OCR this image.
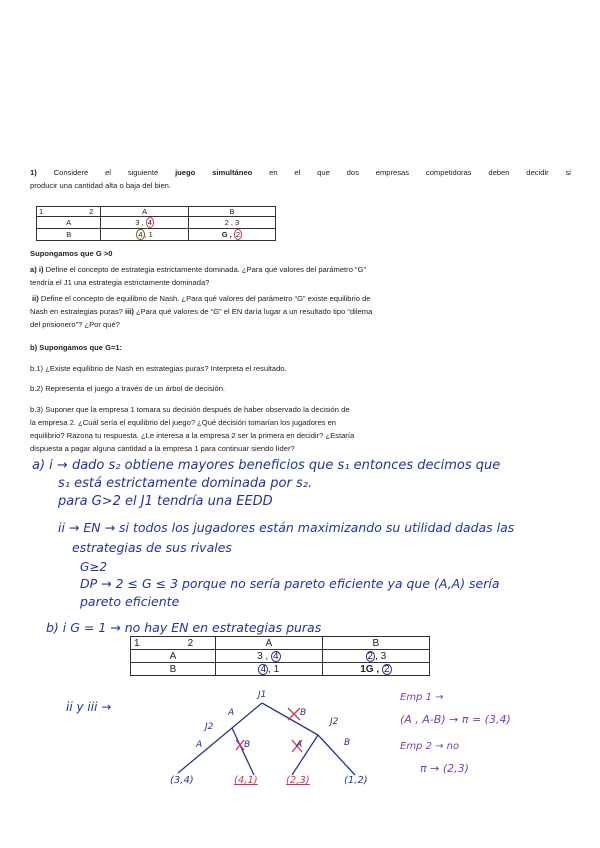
1) Considere el siguiente juego simultáneo en el que dos empresas competidoras deben decidir si
producir una cantidad alta o baja del bien.
1 2	A	B
A	3 , 4	2 , 3
B	4 , 1	G , 2
Supongamos que G >0
a) i) Define el concepto de estrategia estrictamente dominada. ¿Para qué valores del parámetro “G”
tendría el J1 una estrategia estrictamente dominada?
ii) Define el concepto de equilibrio de Nash. ¿Para qué valores del parámetro “G” existe equilibrio de
Nash en estrategias puras? iii) ¿Para qué valores de “G” el EN daría lugar a un resultado tipo “dilema
del prisionero”? ¿Por qué?
b) Supongamos que G=1:
b.1) ¿Existe equilibrio de Nash en estrategias puras? Interpreta el resultado.
b.2) Representa el juego a través de un árbol de decisión.
b.3) Suponer que la empresa 1 tomara su decisión después de haber observado la decisión de
la empresa 2. ¿Cuál sería el equilibrio del juego? ¿Qué decisión tomarían los jugadores en
equilibrio? Razona tu respuesta. ¿Le interesa a la empresa 2 ser la primera en decidir? ¿Estaría
dispuesta a pagar alguna cantidad a la empresa 1 para continuar siendo líder?
a) i → dado s₂ obtiene mayores beneficios que s₁ entonces decimos que
s₁ está estrictamente dominada por s₂.
para G>2 el J1 tendría una EEDD
ii → EN → si todos los jugadores están maximizando su utilidad dadas las
estrategias de sus rivales
G≥2
DP → 2 ≤ G ≤ 3 porque no sería pareto eficiente ya que (A,A) sería
pareto eficiente
b) i G = 1 → no hay EN en estrategias puras
1 2	A	B
A	3 , 4	2 , 3
B	4 , 1	1G , 2
ii y iii →
J1
A	B
J2	J2
A	B	A	B
(3,4)	(4,1)	(2,3)	(1,2)
Emp 1 →
(A , A-B) → π = (3,4)
Emp 2 → no
π → (2,3)
